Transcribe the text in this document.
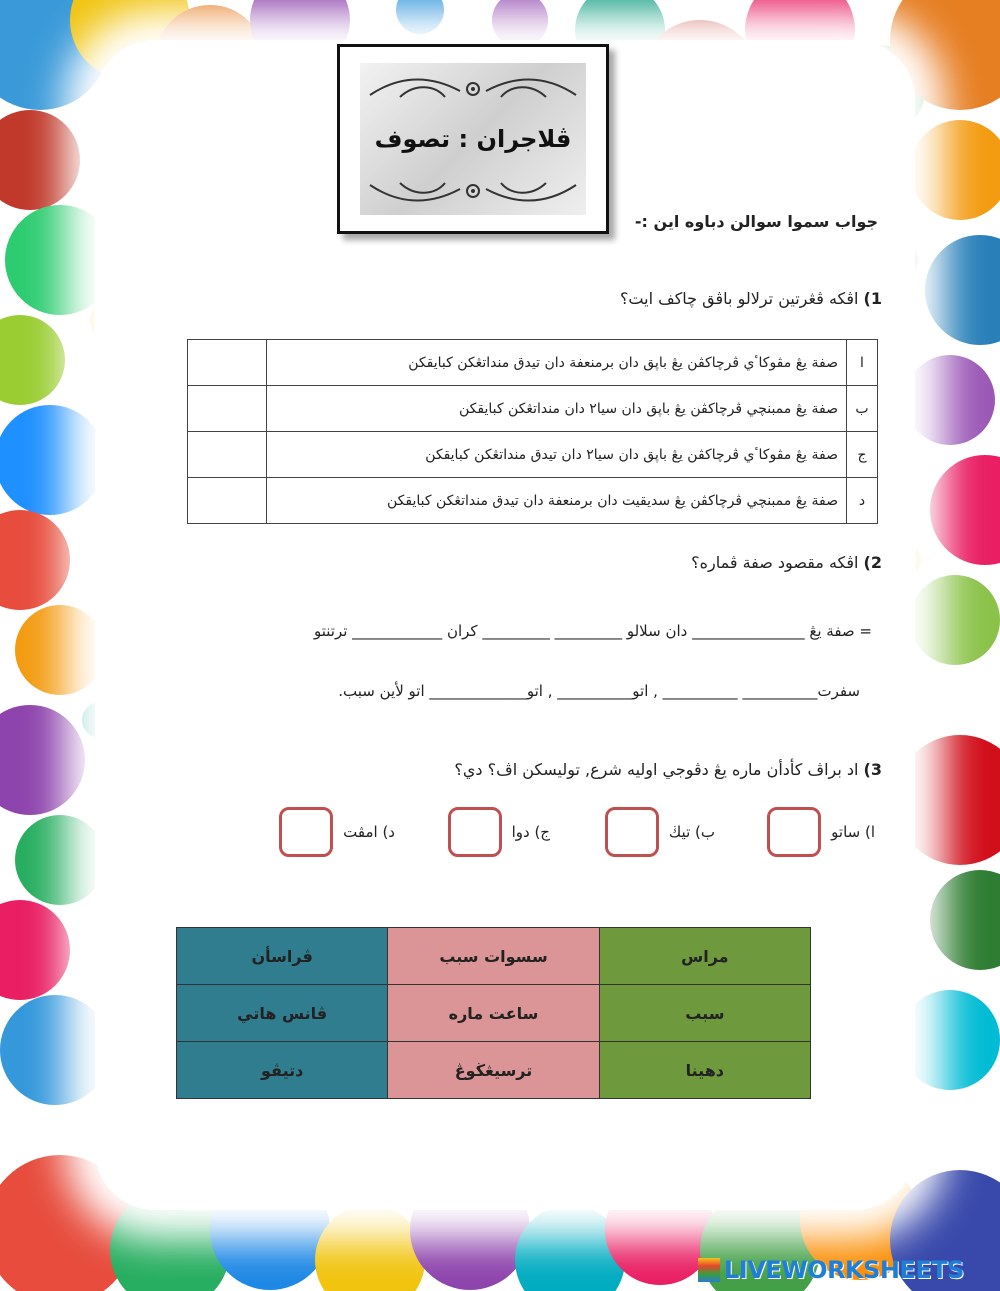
ڤلاجران : تصوف
جواب سموا سوالن دباوه اين :-
1) اڤكه ڤڠرتين ترلالو باڤق چاكف ايت؟
ا	صفة يڠ مڤوكاٴي ڤرچاكڤن يڠ باڽق دان برمنعفة دان تيدق منداتڠكن كبايقكن	
ب	صفة يڠ ممبنچي ڤرچاكڤن يڠ باڽق دان سيا٢ دان منداتڠكن كبايقكن	
ج	صفة يڠ مڤوكاٴي ڤرچاكڤن يڠ باڽق دان سيا٢ دان تيدق منداتڠكن كبايقكن	
د	صفة يڠ ممبنچي ڤرچاكڤن يڠ سديقيت دان برمنعفة دان تيدق منداتڠكن كبايقكن	
2) اڤكه مقصود صفة ڤماره؟
= صفة يڠ _______________ دان سلالو _________ _________ كران ____________ ترتنتو
سفرت__________ __________ , اتو__________ , اتو_____________ اتو لأين سبب.
3) اد براڤ كأدأن ماره يڠ دڤوجي اوليه شرع, توليسكن اڤ؟ دي؟
ا) ساتو
ب) تيڬ
ج) دوا
د) امڤت
مراس	سسوات سبب	ڤراسأن
سبب	ساعت ماره	ڤانس هاتي
دهينا	ترسيڠڬوڠ	دتيڤو
LIVEWORKSHEETS
